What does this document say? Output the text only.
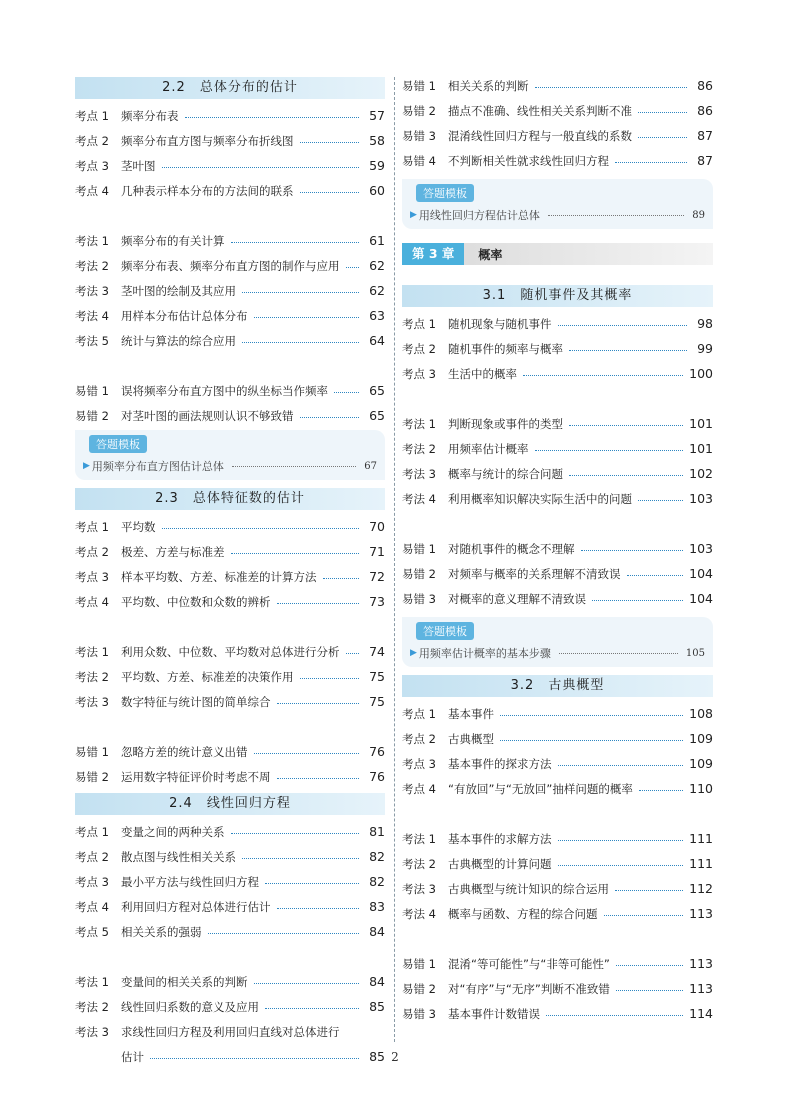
2.2　总体分布的估计
考点 1	频率分布表	57
考点 2	频率分布直方图与频率分布折线图	58
考点 3	茎叶图	59
考点 4	几种表示样本分布的方法间的联系	60
考法 1	频率分布的有关计算	61
考法 2	频率分布表、频率分布直方图的制作与应用	62
考法 3	茎叶图的绘制及其应用	62
考法 4	用样本分布估计总体分布	63
考法 5	统计与算法的综合应用	64
易错 1	误将频率分布直方图中的纵坐标当作频率	65
易错 2	对茎叶图的画法规则认识不够致错	65
答题模板
▶ 用频率分布直方图估计总体	67
2.3　总体特征数的估计
考点 1	平均数	70
考点 2	极差、方差与标准差	71
考点 3	样本平均数、方差、标准差的计算方法	72
考点 4	平均数、中位数和众数的辨析	73
考法 1	利用众数、中位数、平均数对总体进行分析	74
考法 2	平均数、方差、标准差的决策作用	75
考法 3	数字特征与统计图的简单综合	75
易错 1	忽略方差的统计意义出错	76
易错 2	运用数字特征评价时考虑不周	76
2.4　线性回归方程
考点 1	变量之间的两种关系	81
考点 2	散点图与线性相关关系	82
考点 3	最小平方法与线性回归方程	82
考点 4	利用回归方程对总体进行估计	83
考点 5	相关关系的强弱	84
考法 1	变量间的相关关系的判断	84
考法 2	线性回归系数的意义及应用	85
考法 3	求线性回归方程及利用回归直线对总体进行
估计	85
易错 1	相关关系的判断	86
易错 2	描点不准确、线性相关关系判断不准	86
易错 3	混淆线性回归方程与一般直线的系数	87
易错 4	不判断相关性就求线性回归方程	87
答题模板
▶ 用线性回归方程估计总体	89
第 3 章	概率
3.1　随机事件及其概率
考点 1	随机现象与随机事件	98
考点 2	随机事件的频率与概率	99
考点 3	生活中的概率	100
考法 1	判断现象或事件的类型	101
考法 2	用频率估计概率	101
考法 3	概率与统计的综合问题	102
考法 4	利用概率知识解决实际生活中的问题	103
易错 1	对随机事件的概念不理解	103
易错 2	对频率与概率的关系理解不清致误	104
易错 3	对概率的意义理解不清致误	104
答题模板
▶ 用频率估计概率的基本步骤	105
3.2　古典概型
考点 1	基本事件	108
考点 2	古典概型	109
考点 3	基本事件的探求方法	109
考点 4	“有放回”与“无放回”抽样问题的概率	110
考法 1	基本事件的求解方法	111
考法 2	古典概型的计算问题	111
考法 3	古典概型与统计知识的综合运用	112
考法 4	概率与函数、方程的综合问题	113
易错 1	混淆“等可能性”与“非等可能性”	113
易错 2	对“有序”与“无序”判断不准致错	113
易错 3	基本事件计数错误	114
2
